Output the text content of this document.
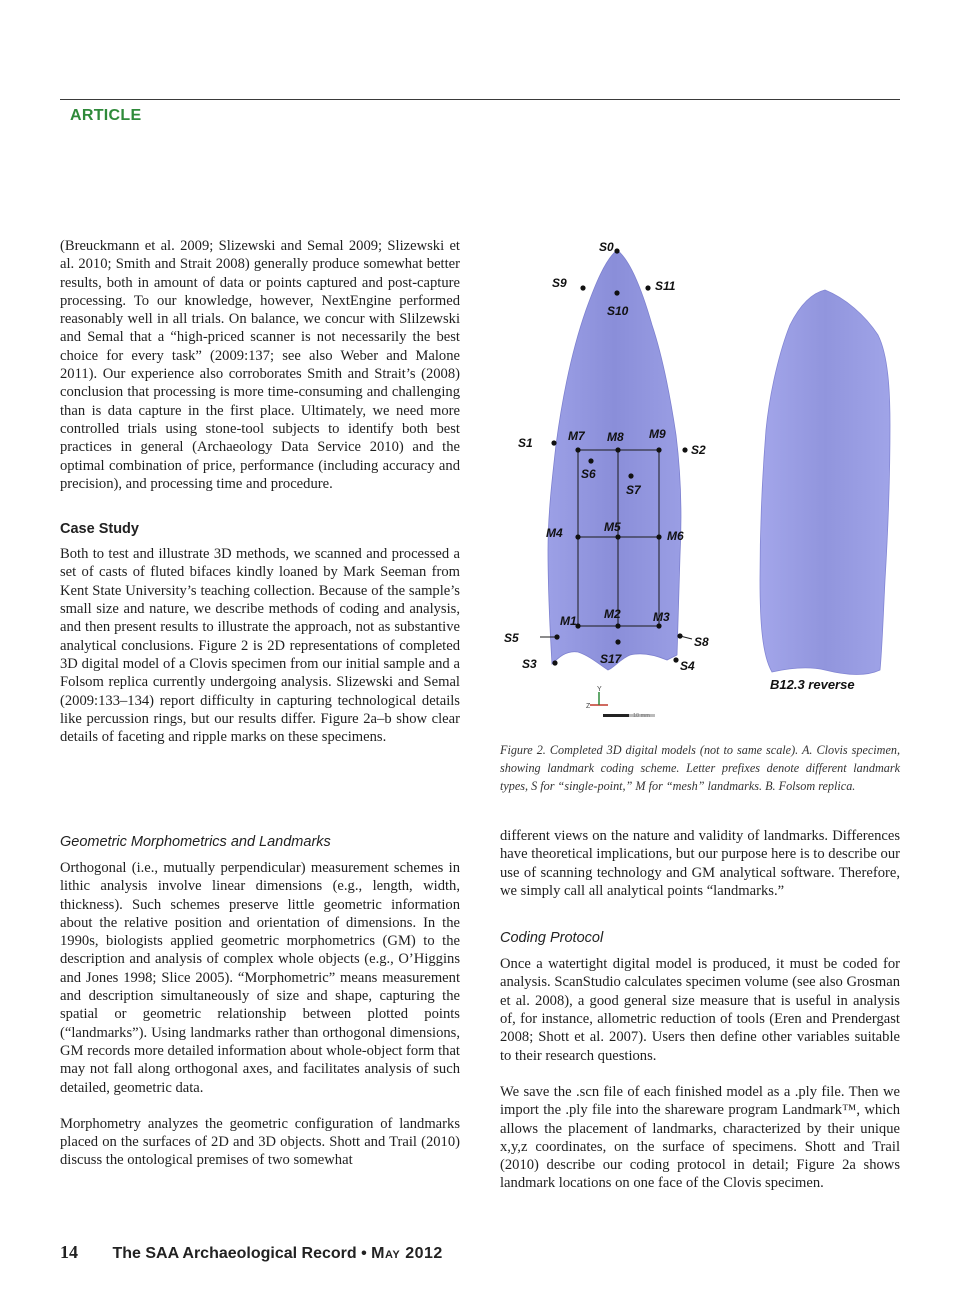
ARTICLE

(Breuckmann et al. 2009; Slizewski and Semal 2009; Slizewski et al. 2010; Smith and Strait 2008) generally produce somewhat better results, both in amount of data or points captured and post-capture processing. To our knowledge, however, NextEngine performed reasonably well in all trials. On balance, we concur with Slilzewski and Semal that a “high-priced scanner is not necessarily the best choice for every task” (2009:137; see also Weber and Malone 2011). Our experience also corroborates Smith and Strait’s (2008) conclusion that processing is more time-consuming and challenging than is data capture in the first place. Ultimately, we need more controlled trials using stone-tool subjects to identify both best practices in general (Archaeology Data Service 2010) and the optimal combination of price, performance (including accuracy and precision), and processing time and procedure.

Case Study

Both to test and illustrate 3D methods, we scanned and processed a set of casts of fluted bifaces kindly loaned by Mark Seeman from Kent State University’s teaching collection. Because of the sample’s small size and nature, we describe methods of coding and analysis, and then present results to illustrate the approach, not as substantive analytical conclusions. Figure 2 is 2D representations of completed 3D digital model of a Clovis specimen from our initial sample and a Folsom replica currently undergoing analysis. Slizewski and Semal (2009:133–134) report difficulty in capturing technological details like percussion rings, but our results differ. Figure 2a–b show clear details of faceting and ripple marks on these specimens.

Geometric Morphometrics and Landmarks

Orthogonal (i.e., mutually perpendicular) measurement schemes in lithic analysis involve linear dimensions (e.g., length, width, thickness). Such schemes preserve little geometric information about the relative position and orientation of dimensions. In the 1990s, biologists applied geometric morphometrics (GM) to the description and analysis of complex whole objects (e.g., O’Higgins and Jones 1998; Slice 2005). “Morphometric” means measurement and description simultaneously of size and shape, capturing the spatial or geometric relationship between plotted points (“landmarks”). Using landmarks rather than orthogonal dimensions, GM records more detailed information about whole-object form that may not fall along orthogonal axes, and facilitates analysis of such detailed, geometric data.

Morphometry analyzes the geometric configuration of landmarks placed on the surfaces of 2D and 3D objects. Shott and Trail (2010) discuss the ontological premises of two somewhat

different views on the nature and validity of landmarks. Differences have theoretical implications, but our purpose here is to describe our use of scanning technology and GM analytical software. Therefore, we simply call all analytical points “landmarks.”

Coding Protocol

Once a watertight digital model is produced, it must be coded for analysis. ScanStudio calculates specimen volume (see also Grosman et al. 2008), a good general size measure that is useful in analysis of, for instance, allometric reduction of tools (Eren and Prendergast 2008; Shott et al. 2007). Users then define other variables suitable to their research questions.

We save the .scn file of each finished model as a .ply file. Then we import the .ply file into the shareware program Landmark™, which allows the placement of landmarks, characterized by their unique x,y,z coordinates, on the surface of specimens. Shott and Trail (2010) describe our coding protocol in detail; Figure 2a shows landmark locations on one face of the Clovis specimen.

S0
S9	S11
S10
S1	S2
M7 M8 M9
S6
S7
M4	M5
M6
M1 M2	M3
S5	S8
S3	S17	S4
Z
Y
10 mm
B12.3 reverse
Figure 2. Completed 3D digital models (not to same scale). A. Clovis specimen, showing landmark coding scheme. Letter prefixes denote different landmark types, S for “single-point,” M for “mesh” landmarks. B. Folsom replica.
14 The SAA Archaeological Record • May 2012
